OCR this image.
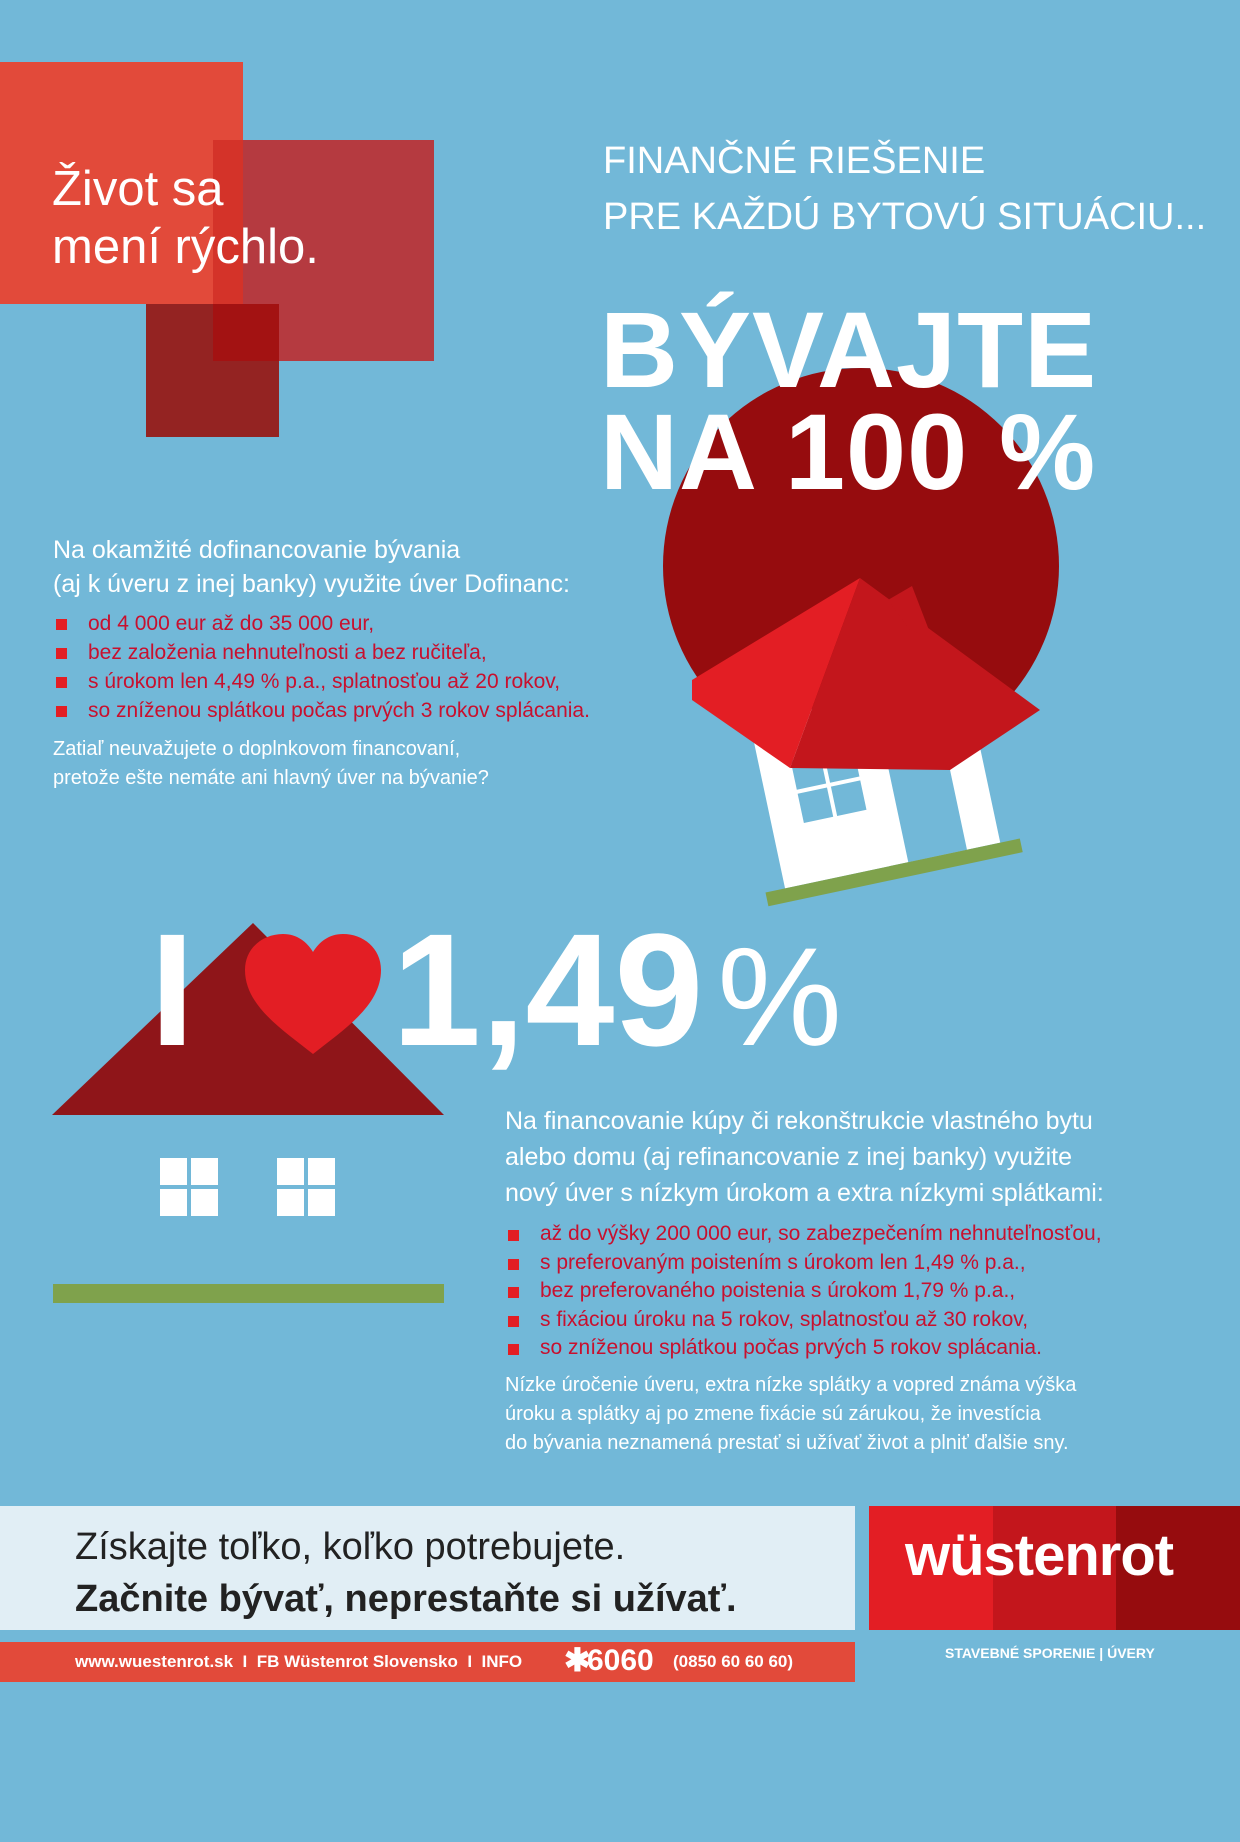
Život sa
mení rýchlo.
FINANČNÉ RIEŠENIE
PRE KAŽDÚ BYTOVÚ SITUÁCIU...
BÝVAJTE
NA 100 %
Na okamžité dofinancovanie bývania
(aj k úveru z inej banky) využite úver Dofinanc:
od 4 000 eur až do 35 000 eur,
bez založenia nehnuteľnosti a bez ručiteľa,
s úrokom len 4,49 % p.a., splatnosťou až 20 rokov,
so zníženou splátkou počas prvých 3 rokov splácania.
Zatiaľ neuvažujete o doplnkovom financovaní,
pretože ešte nemáte ani hlavný úver na bývanie?
I 1,49 %
Na financovanie kúpy či rekonštrukcie vlastného bytu
alebo domu (aj refinancovanie z inej banky) využite
nový úver s nízkym úrokom a extra nízkymi splátkami:
až do výšky 200 000 eur, so zabezpečením nehnuteľnosťou,
s preferovaným poistením s úrokom len 1,49 % p.a.,
bez preferovaného poistenia s úrokom 1,79 % p.a.,
s fixáciou úroku na 5 rokov, splatnosťou až 30 rokov,
so zníženou splátkou počas prvých 5 rokov splácania.
Nízke úročenie úveru, extra nízke splátky a vopred známa výška
úroku a splátky aj po zmene fixácie sú zárukou, že investícia
do bývania neznamená prestať si užívať život a plniť ďalšie sny.
Získajte toľko, koľko potrebujete.
Začnite bývať, neprestaňte si užívať.

www.wuestenrot.sk  I  FB Wüstenrot Slovensko  I  INFO

✱

6060

(0850 60 60 60)

wüstenrot
STAVEBNÉ SPORENIE | ÚVERY
